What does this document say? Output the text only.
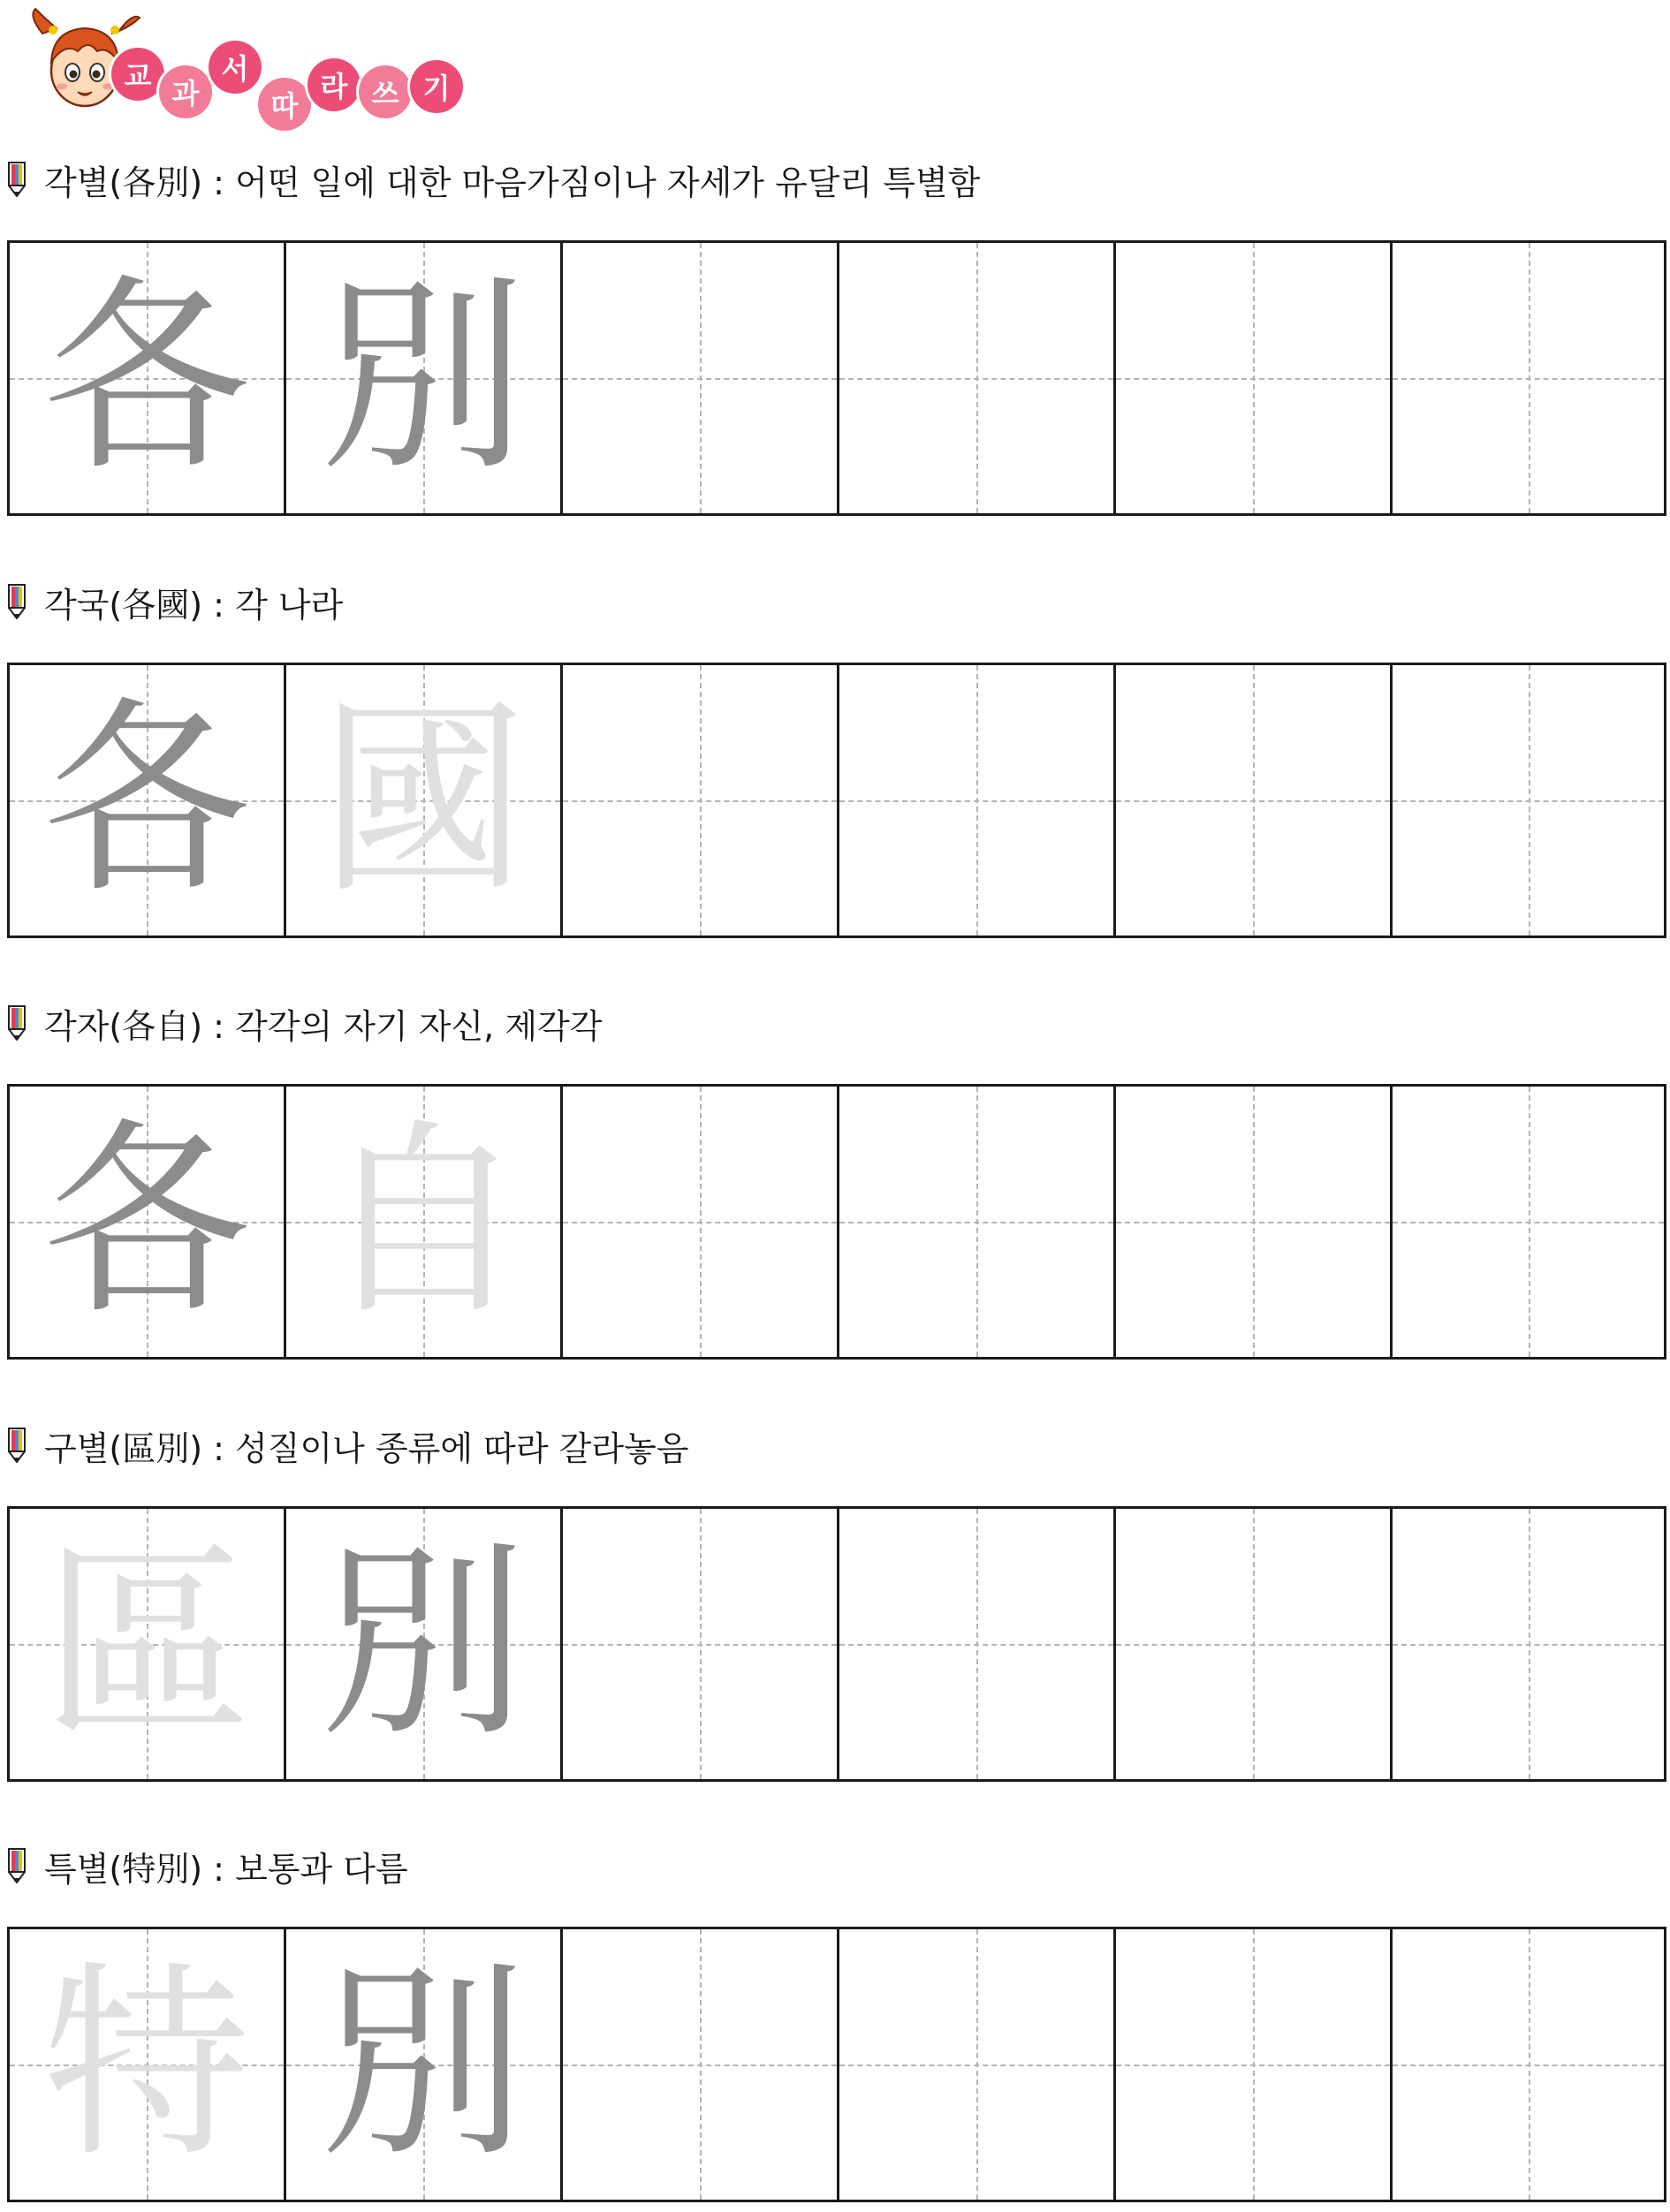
교
과
서
따
라 쓰 기
각별(各別) : 어떤 일에 대한 마음가짐이나 자세가 유달리 특별함
各 別
각국(各國) : 각 나라
各 國
각자(各自) : 각각의 자기 자신, 제각각
各 自
구별(區別) : 성질이나 종류에 따라 갈라놓음
區 別
특별(特別) : 보통과 다름
特 別
